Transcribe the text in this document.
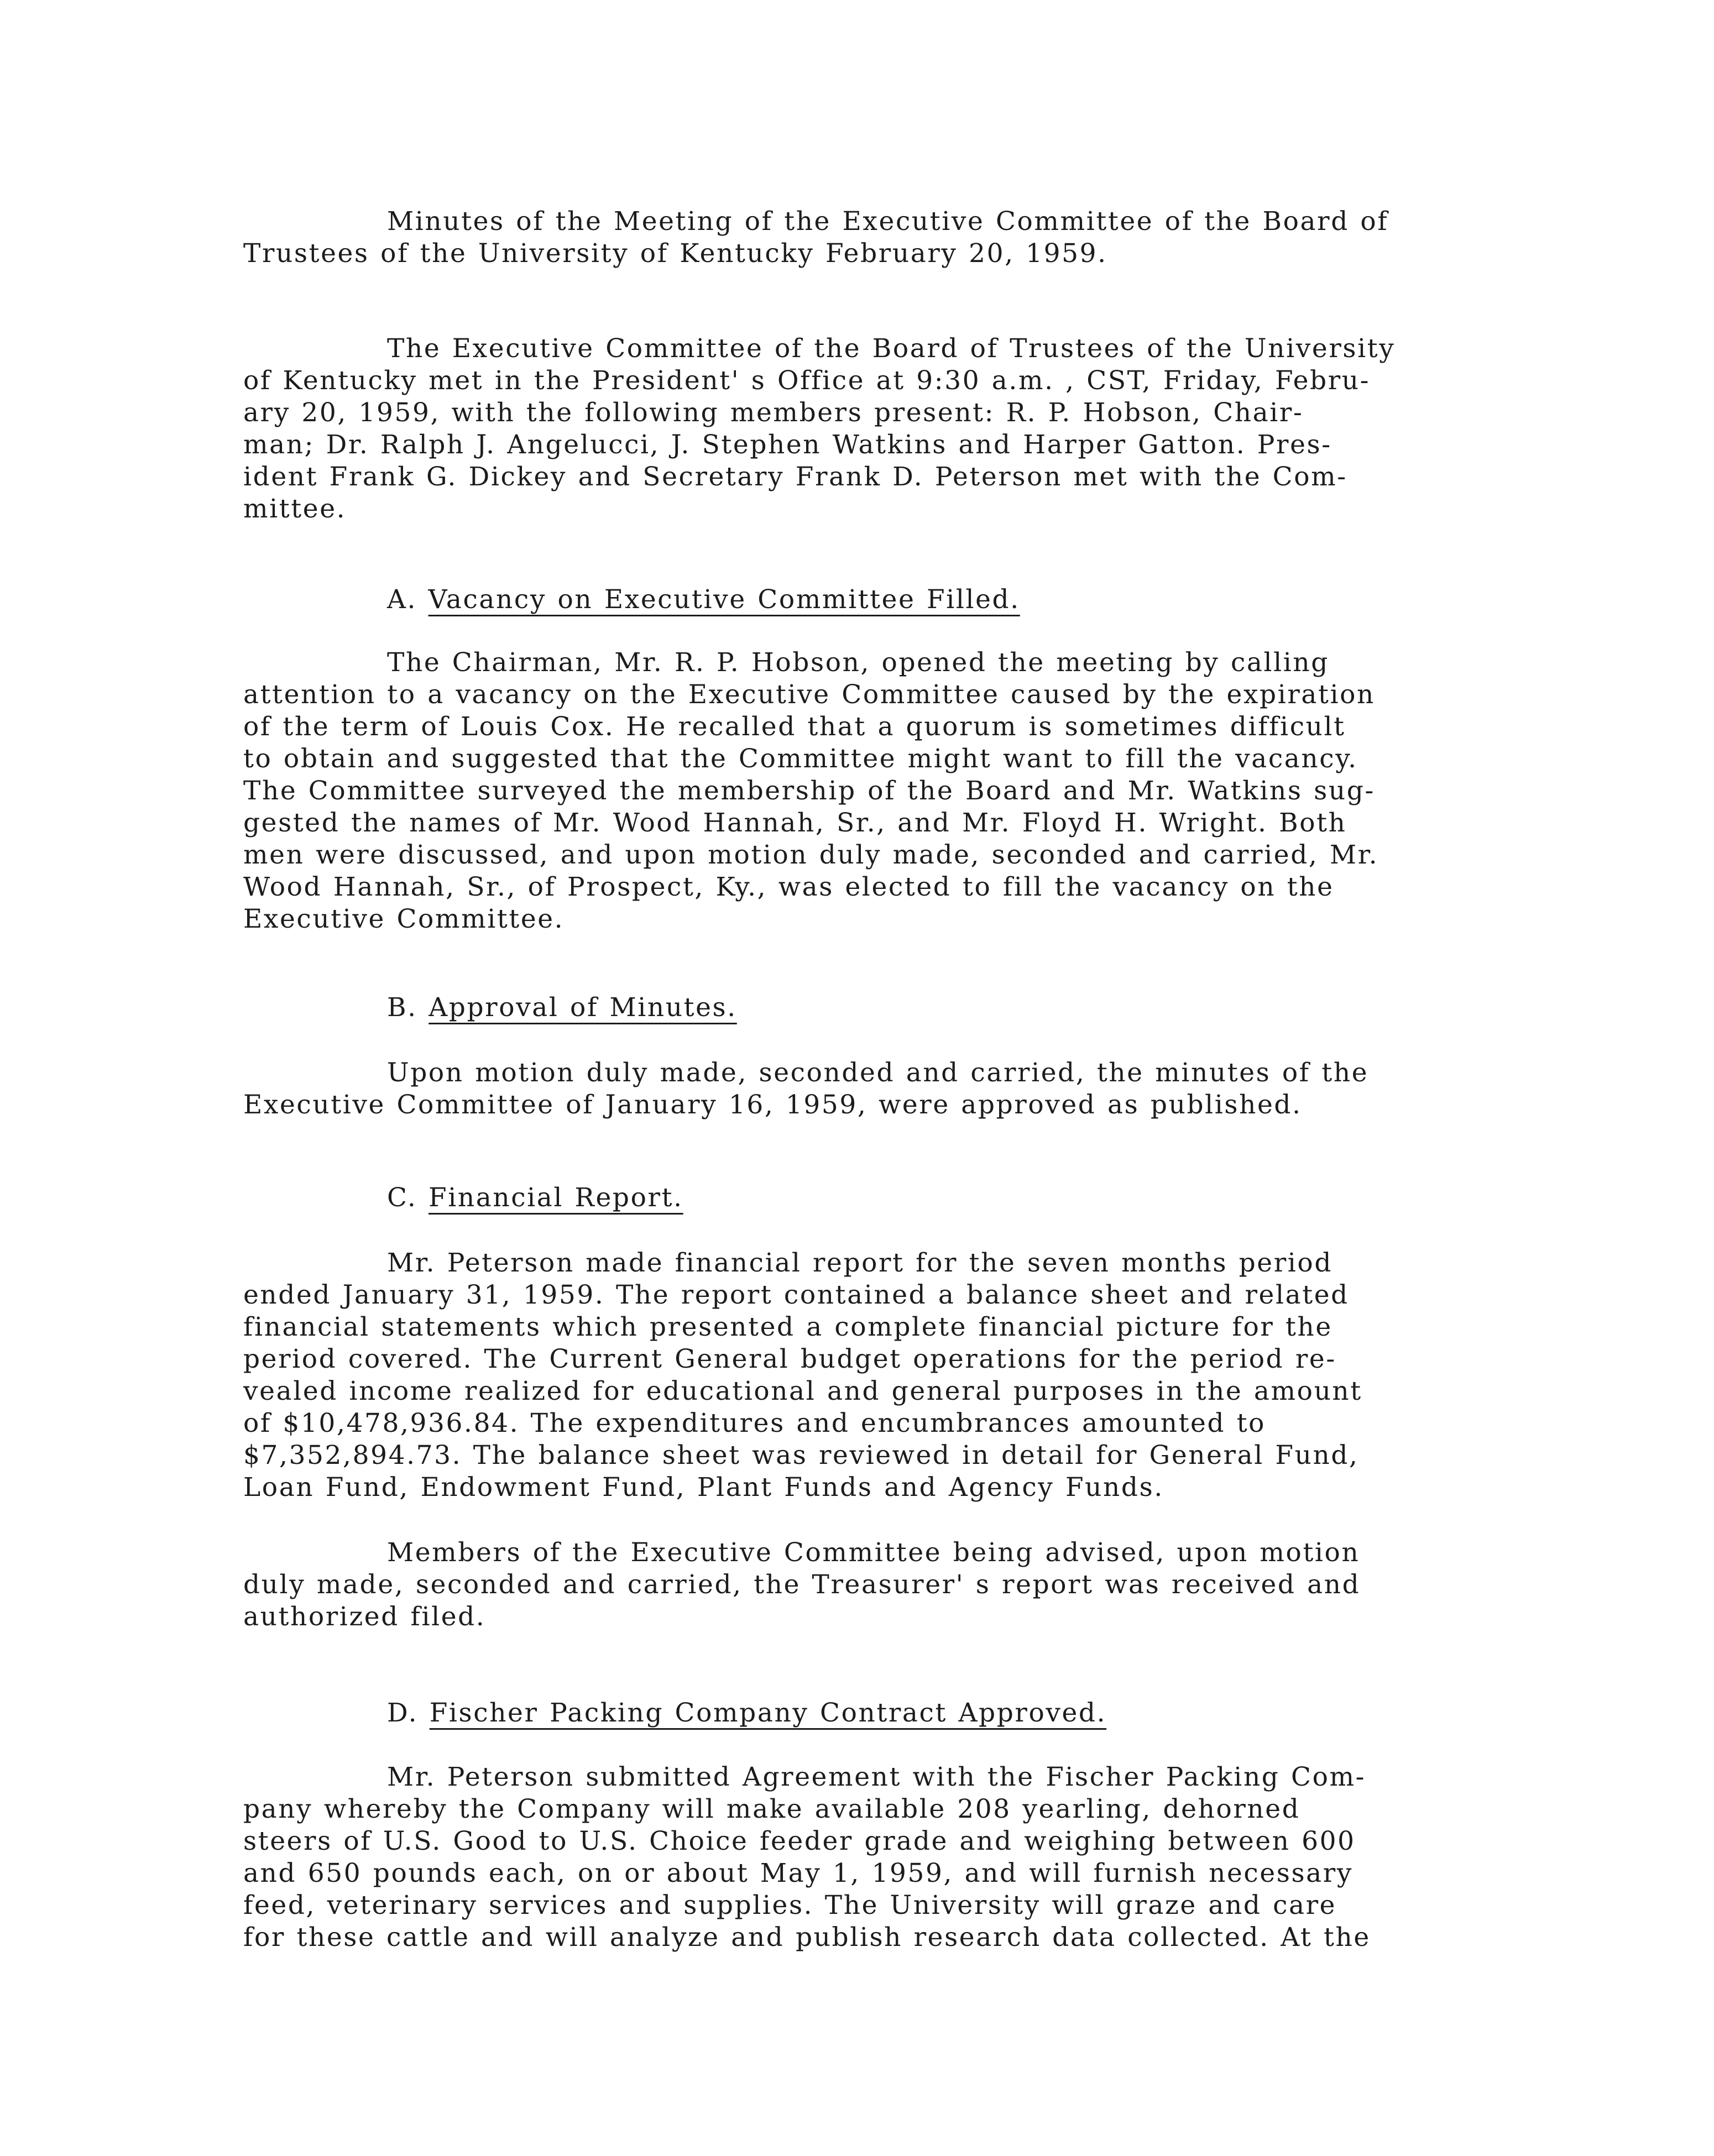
Minutes of the Meeting of the Executive Committee of the Board of
Trustees of the University of Kentucky February 20, 1959.
The Executive Committee of the Board of Trustees of the University
of Kentucky met in the President' s Office at 9:30 a.m. , CST, Friday, Febru-
ary 20, 1959, with the following members present: R. P. Hobson, Chair-
man; Dr. Ralph J. Angelucci, J. Stephen Watkins and Harper Gatton. Pres-
ident Frank G. Dickey and Secretary Frank D. Peterson met with the Com-
mittee.
A. Vacancy on Executive Committee Filled.
The Chairman, Mr. R. P. Hobson, opened the meeting by calling
attention to a vacancy on the Executive Committee caused by the expiration
of the term of Louis Cox. He recalled that a quorum is sometimes difficult
to obtain and suggested that the Committee might want to fill the vacancy.
The Committee surveyed the membership of the Board and Mr. Watkins sug-
gested the names of Mr. Wood Hannah, Sr., and Mr. Floyd H. Wright. Both
men were discussed, and upon motion duly made, seconded and carried, Mr.
Wood Hannah, Sr., of Prospect, Ky., was elected to fill the vacancy on the
Executive Committee.
B. Approval of Minutes.
Upon motion duly made, seconded and carried, the minutes of the
Executive Committee of January 16, 1959, were approved as published.
C. Financial Report.
Mr. Peterson made financial report for the seven months period
ended January 31, 1959. The report contained a balance sheet and related
financial statements which presented a complete financial picture for the
period covered. The Current General budget operations for the period re-
vealed income realized for educational and general purposes in the amount
of $10,478,936.84. The expenditures and encumbrances amounted to
$7,352,894.73. The balance sheet was reviewed in detail for General Fund,
Loan Fund, Endowment Fund, Plant Funds and Agency Funds.
Members of the Executive Committee being advised, upon motion
duly made, seconded and carried, the Treasurer' s report was received and
authorized filed.
D. Fischer Packing Company Contract Approved.
Mr. Peterson submitted Agreement with the Fischer Packing Com-
pany whereby the Company will make available 208 yearling, dehorned
steers of U.S. Good to U.S. Choice feeder grade and weighing between 600
and 650 pounds each, on or about May 1, 1959, and will furnish necessary
feed, veterinary services and supplies. The University will graze and care
for these cattle and will analyze and publish research data collected. At the
